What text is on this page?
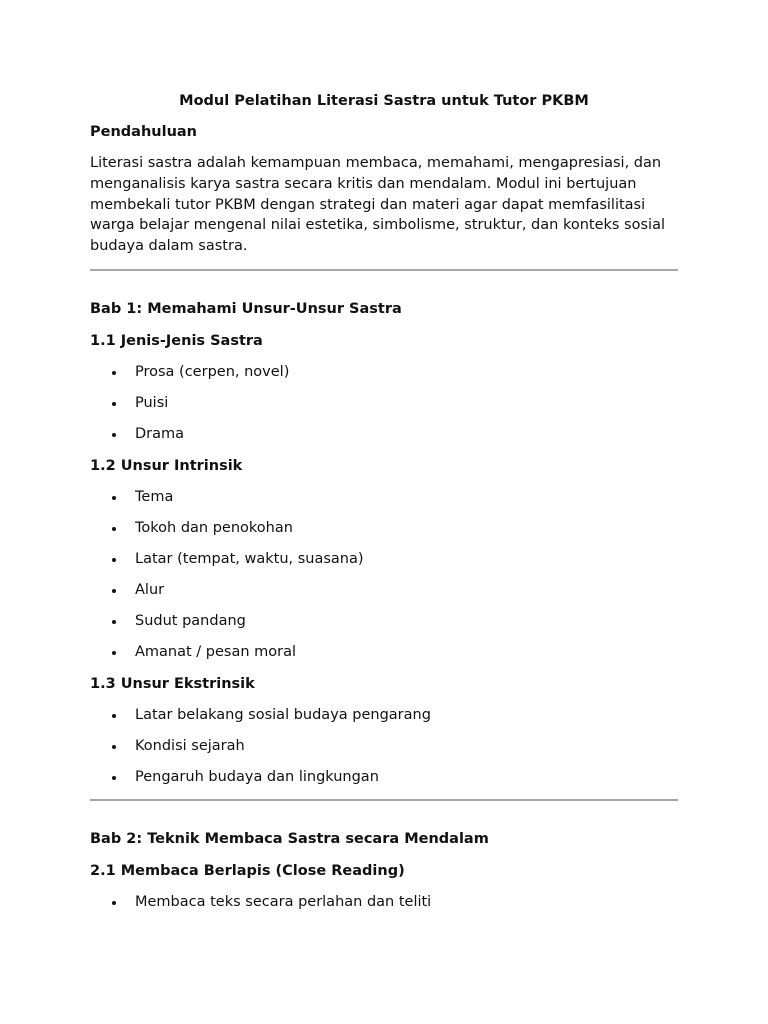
Modul Pelatihan Literasi Sastra untuk Tutor PKBM
Pendahuluan

Literasi sastra adalah kemampuan membaca, memahami, mengapresiasi, dan menganalisis karya sastra secara kritis dan mendalam. Modul ini bertujuan membekali tutor PKBM dengan strategi dan materi agar dapat memfasilitasi warga belajar mengenal nilai estetika, simbolisme, struktur, dan konteks sosial budaya dalam sastra.

Bab 1: Memahami Unsur-Unsur Sastra
1.1 Jenis-Jenis Sastra
Prosa (cerpen, novel)
Puisi
Drama
1.2 Unsur Intrinsik
Tema
Tokoh dan penokohan
Latar (tempat, waktu, suasana)
Alur
Sudut pandang
Amanat / pesan moral
1.3 Unsur Ekstrinsik
Latar belakang sosial budaya pengarang
Kondisi sejarah
Pengaruh budaya dan lingkungan
Bab 2: Teknik Membaca Sastra secara Mendalam
2.1 Membaca Berlapis (Close Reading)
Membaca teks secara perlahan dan teliti
